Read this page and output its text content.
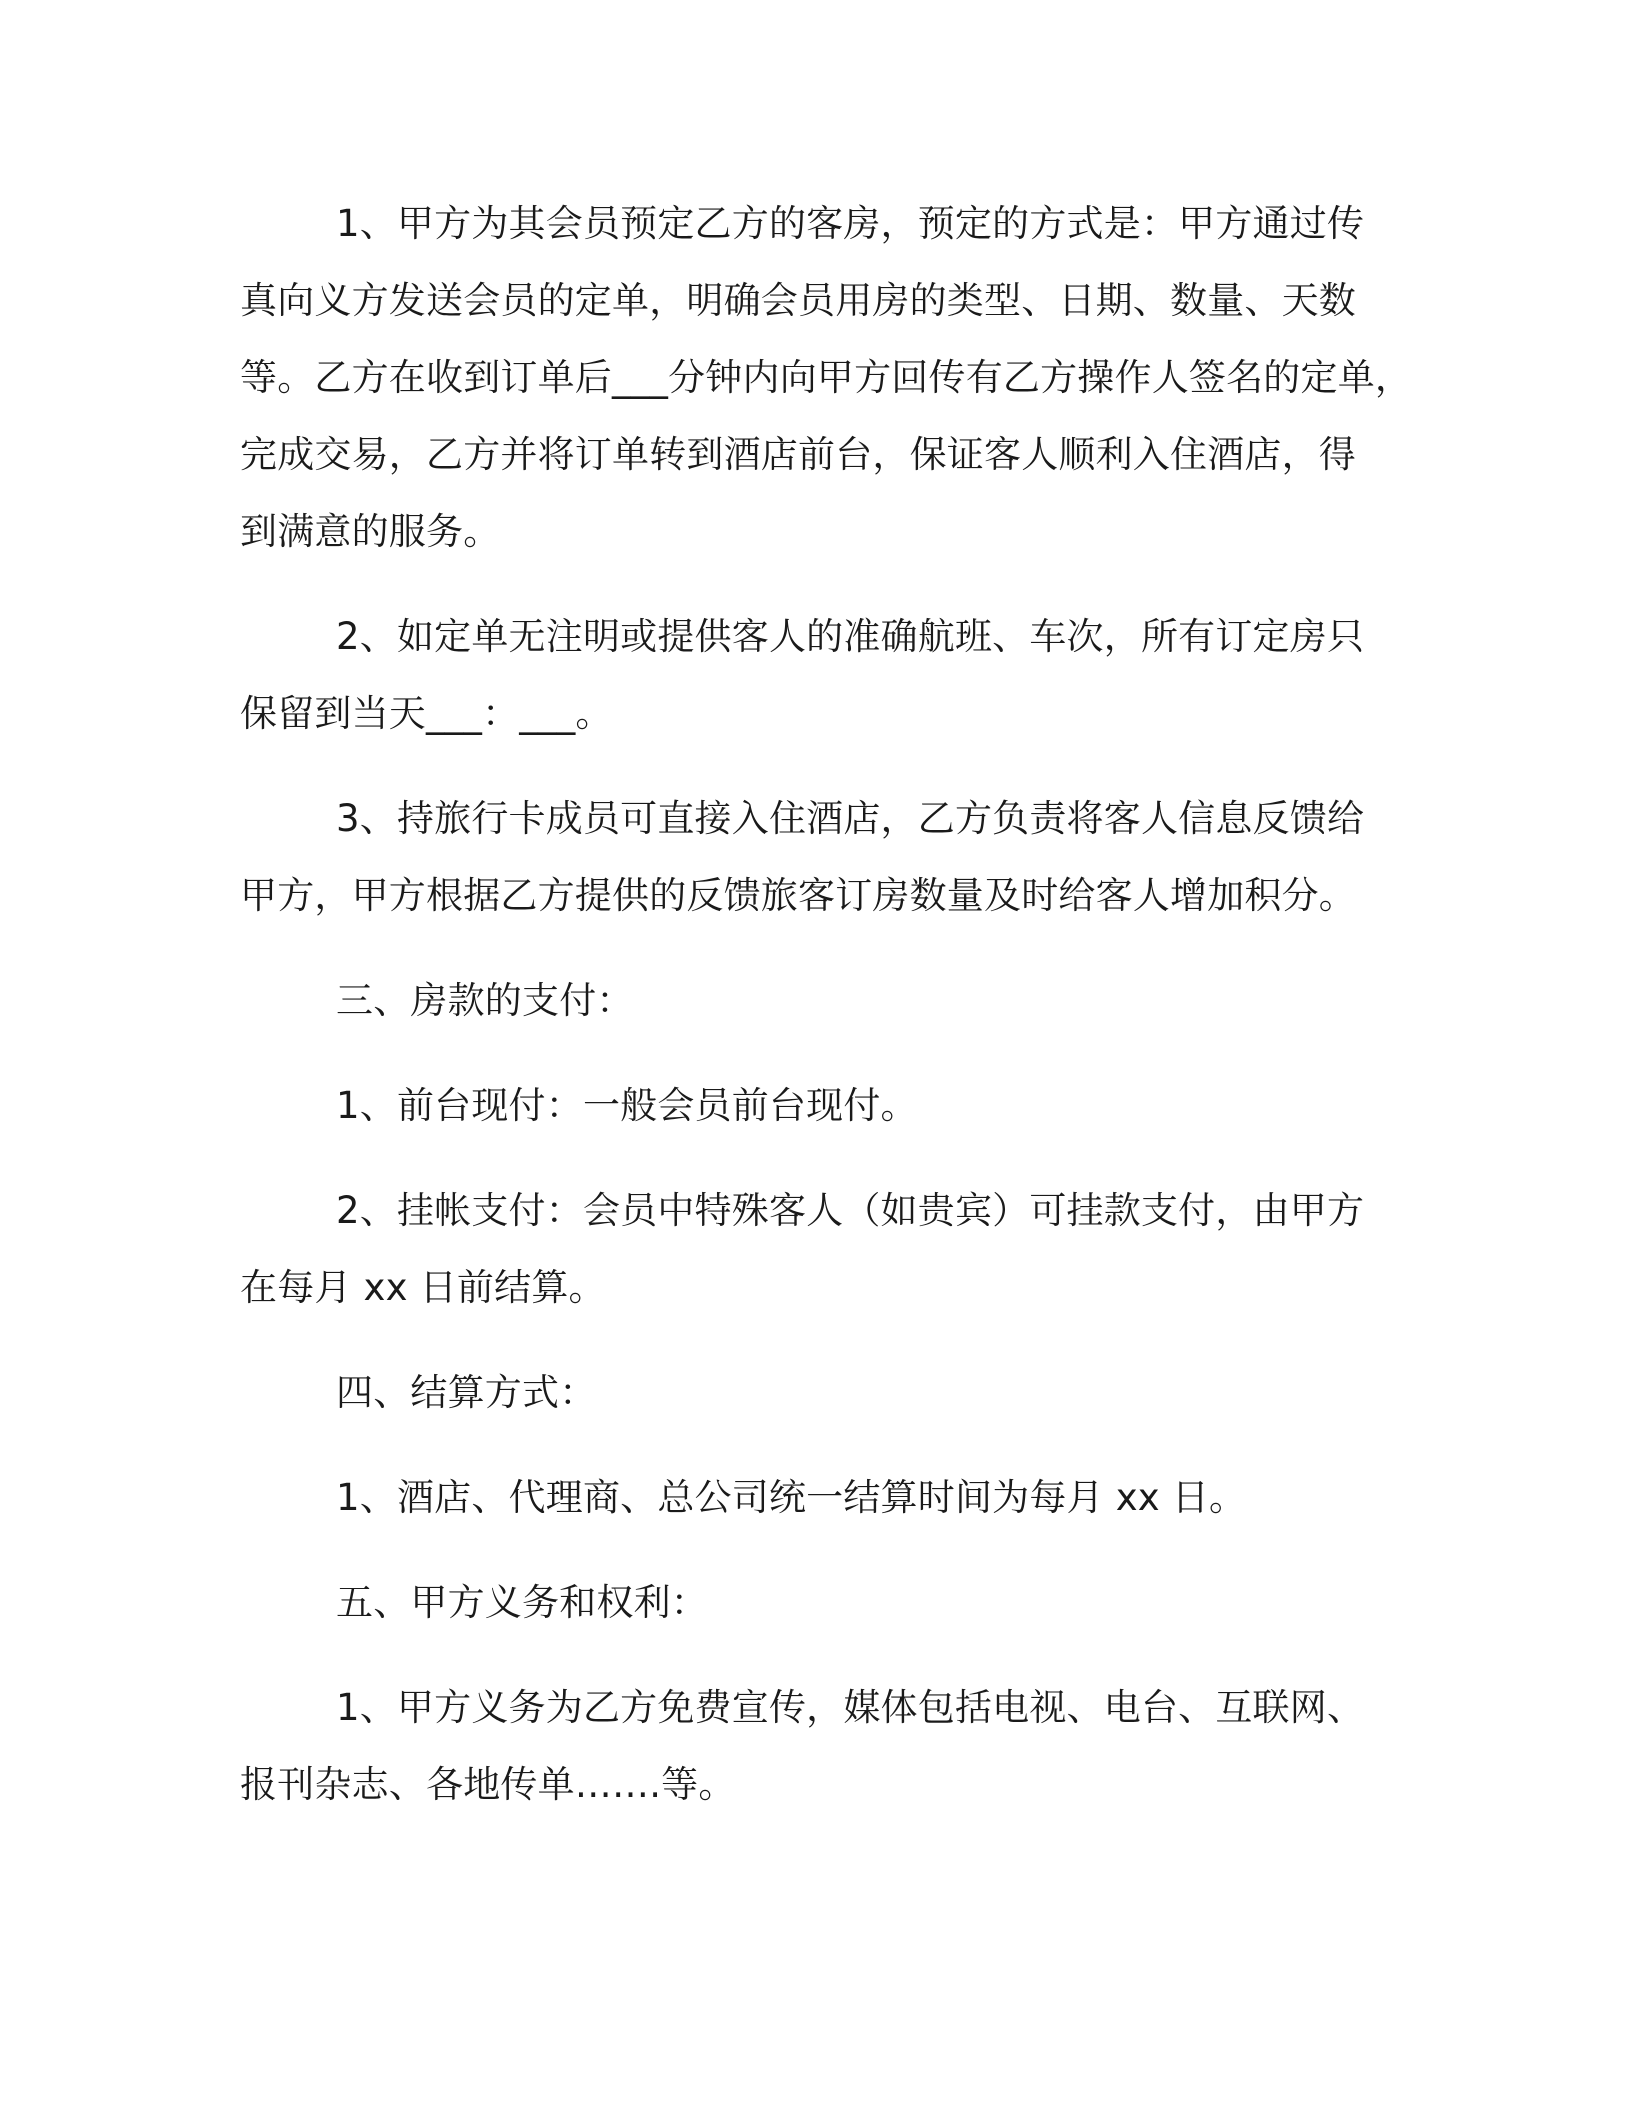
1、甲方为其会员预定乙方的客房，预定的方式是：甲方通过传
真向义方发送会员的定单，明确会员用房的类型、日期、数量、天数
等。乙方在收到订单后___分钟内向甲方回传有乙方操作人签名的定单，
完成交易，乙方并将订单转到酒店前台，保证客人顺利入住酒店，得
到满意的服务。
2、如定单无注明或提供客人的准确航班、车次，所有订定房只
保留到当天___：___。
3、持旅行卡成员可直接入住酒店，乙方负责将客人信息反馈给
甲方，甲方根据乙方提供的反馈旅客订房数量及时给客人增加积分。
三、房款的支付：
1、前台现付：一般会员前台现付。
2、挂帐支付：会员中特殊客人（如贵宾）可挂款支付，由甲方
在每月 xx 日前结算。
四、结算方式：
1、酒店、代理商、总公司统一结算时间为每月 xx 日。
五、甲方义务和权利：
1、甲方义务为乙方免费宣传，媒体包括电视、电台、互联网、
报刊杂志、各地传单…….等。
